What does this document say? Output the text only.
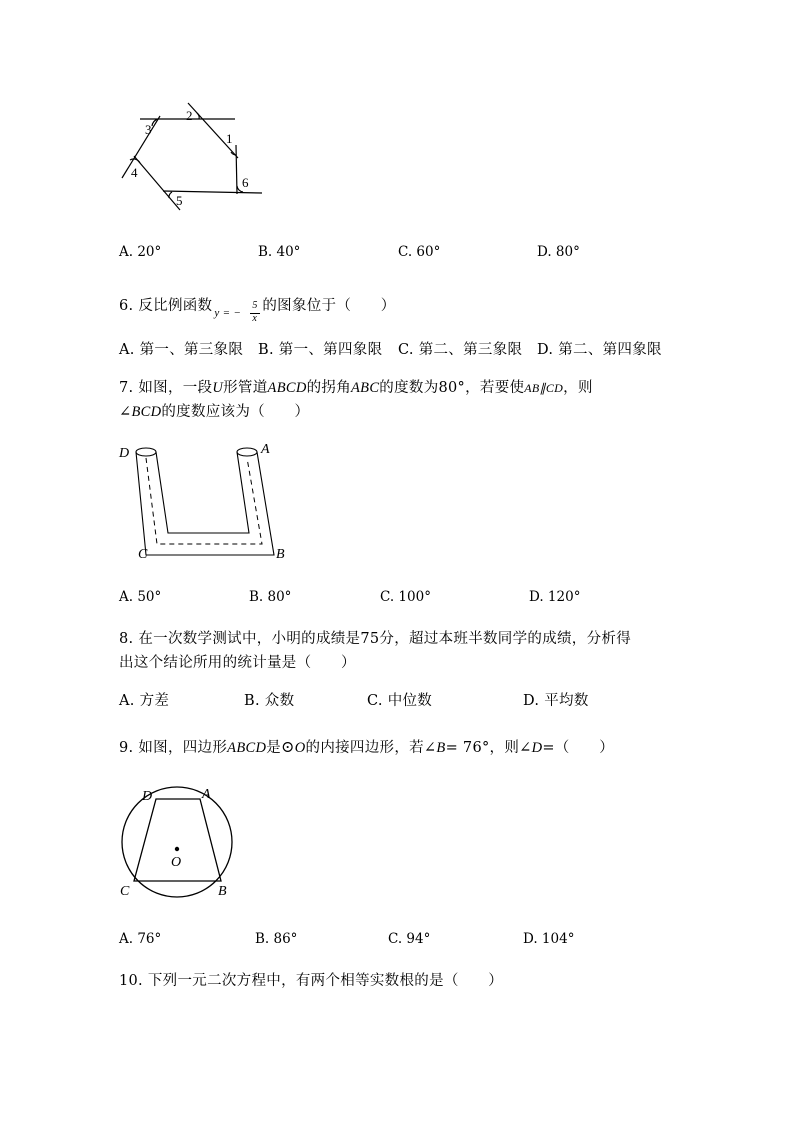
1
2
3
4
5
6
A. 20°	B. 40°	C. 60°	D. 80°
6. 反比例函数 y = −
5
x
的图象位于（　　）
A. 第一、第三象限 B. 第一、第四象限 C. 第二、第三象限 D. 第二、第四象限
7. 如图，一段U形管道ABCD的拐角ABC的度数为80°，若要使AB∥CD，则
∠BCD的度数应该为（　　）
D	A
C	B
A. 50°	B. 80°	C. 100°	D. 120°
8. 在一次数学测试中，小明的成绩是75分，超过本班半数同学的成绩，分析得
出这个结论所用的统计量是（　　）
A. 方差	B. 众数	C. 中位数	D. 平均数
9. 如图，四边形ABCD是⊙O的内接四边形，若∠B= 76°，则∠D=（　　）
D	A
C	B
O
A. 76°	B. 86°	C. 94°	D. 104°
10. 下列一元二次方程中，有两个相等实数根的是（　　）
